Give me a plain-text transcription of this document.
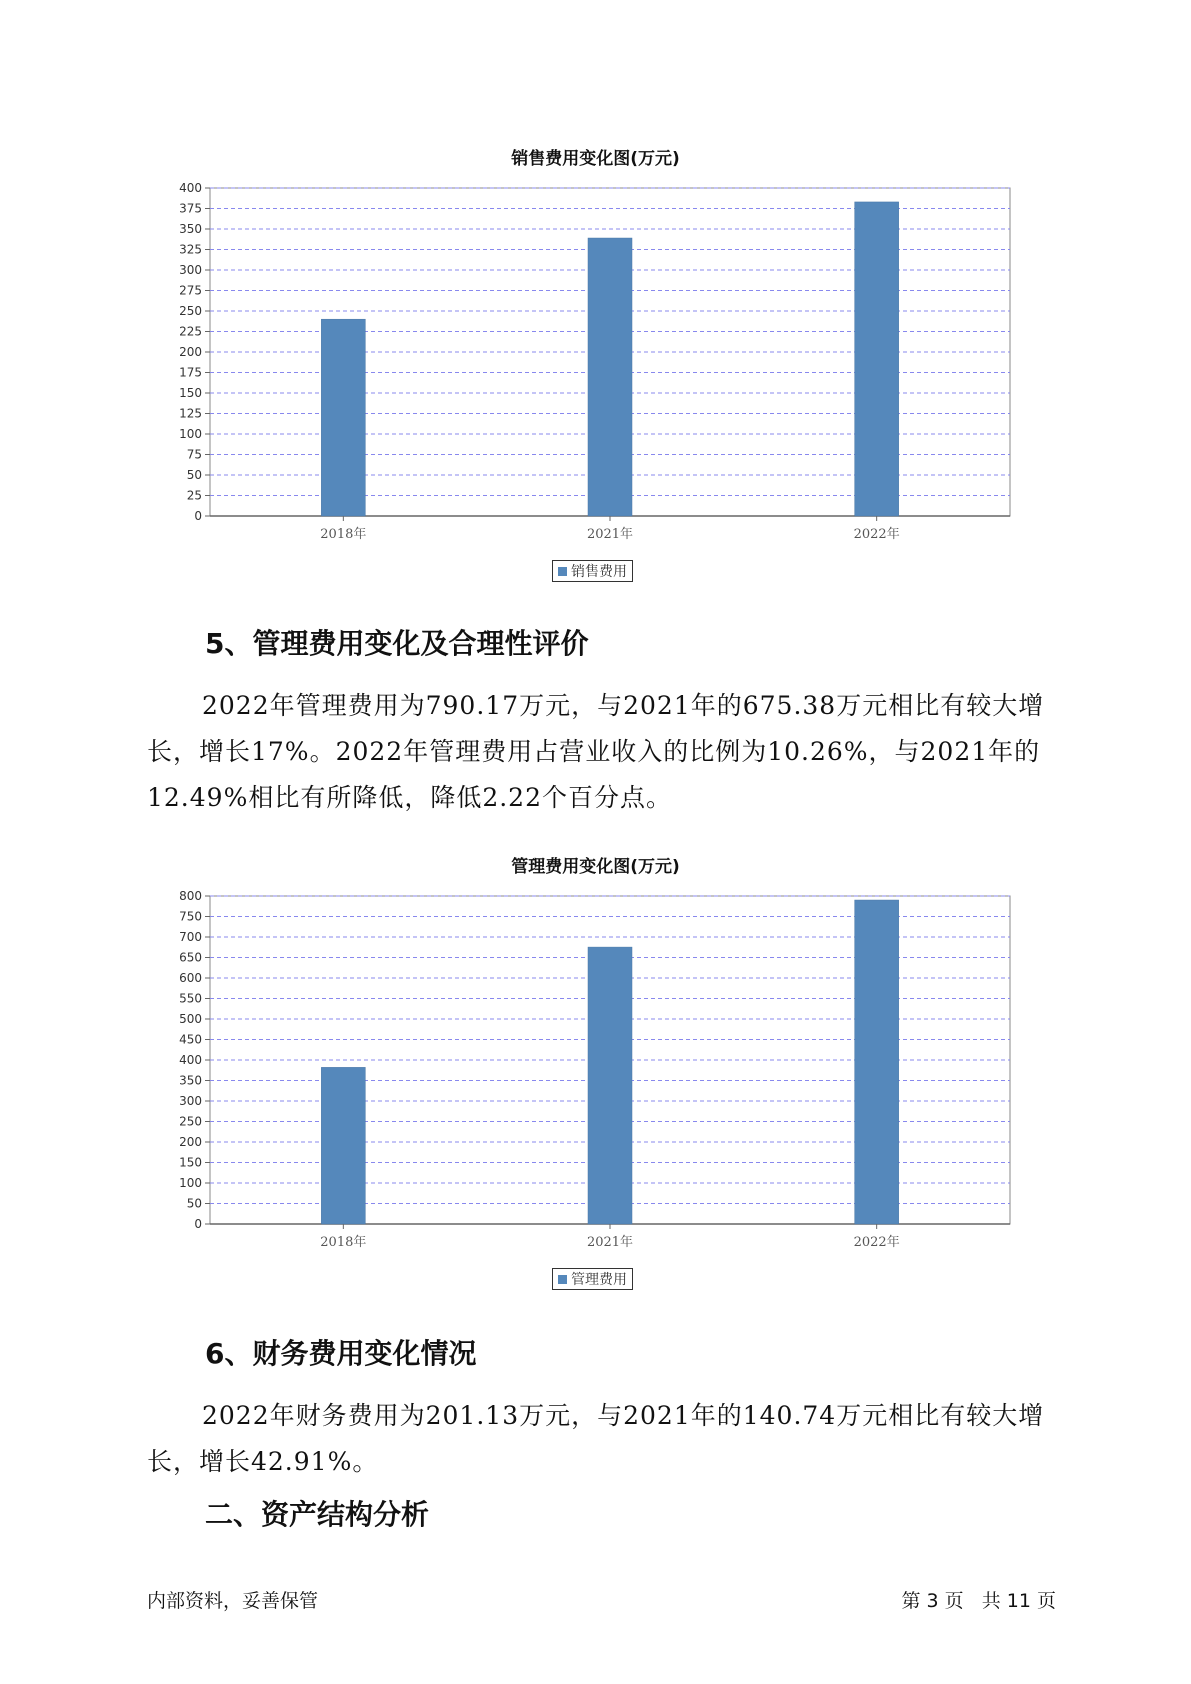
销售费用变化图(万元)
0
25
50
75
100
125
150
175
200
225
250
275
300
325
350
375
400
2018年	2021年	2022年
销售费用
5、管理费用变化及合理性评价
2022年管理费用为790.17万元，与2021年的675.38万元相比有较大增长，增长17%。2022年管理费用占营业收入的比例为10.26%，与2021年的12.49%相比有所降低，降低2.22个百分点。
管理费用变化图(万元)
0
50
100
150
200
250
300
350
400
450
500
550
600
650
700
750
800
2018年	2021年	2022年
管理费用
6、财务费用变化情况
2022年财务费用为201.13万元，与2021年的140.74万元相比有较大增长，增长42.91%。
二、资产结构分析
内部资料，妥善保管	第 3 页   共 11 页
